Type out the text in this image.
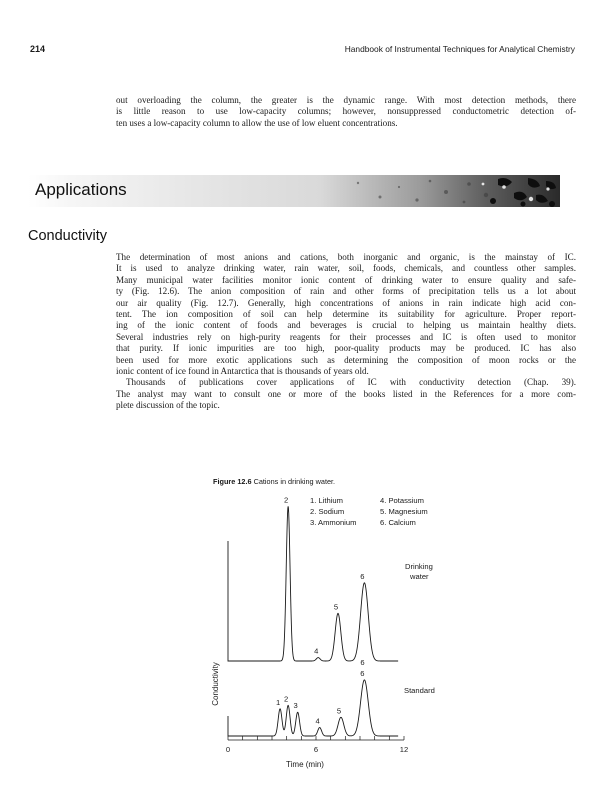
214	Handbook of Instrumental Techniques for Analytical Chemistry
out overloading the column, the greater is the dynamic range. With most detection methods, there
is little reason to use low-capacity columns; however, nonsuppressed conductometric detection of-
ten uses a low-capacity column to allow the use of low eluent concentrations.
Applications
Conductivity
The determination of most anions and cations, both inorganic and organic, is the mainstay of IC.
It is used to analyze drinking water, rain water, soil, foods, chemicals, and countless other samples.
Many municipal water facilities monitor ionic content of drinking water to ensure quality and safe-
ty (Fig. 12.6). The anion composition of rain and other forms of precipitation tells us a lot about
our air quality (Fig. 12.7). Generally, high concentrations of anions in rain indicate high acid con-
tent. The ion composition of soil can help determine its suitability for agriculture. Proper report-
ing of the ionic content of foods and beverages is crucial to helping us maintain healthy diets.
Several industries rely on high-purity reagents for their processes and IC is often used to monitor
that purity. If ionic impurities are too high, poor-quality products may be produced. IC has also
been used for more exotic applications such as determining the composition of moon rocks or the
ionic content of ice found in Antarctica that is thousands of years old.
Thousands of publications cover applications of IC with conductivity detection (Chap. 39).
The analyst may want to consult one or more of the books listed in the References for a more com-
plete discussion of the topic.
Figure 12.6 Cations in drinking water.
2
4
5
6
1 2
3
4
5
6
6
0	6	12
1. Lithium
2. Sodium
3. Ammonium
4. Potassium
5. Magnesium
6. Calcium
Conductivity
Time (min)
Drinking
water
Standard
